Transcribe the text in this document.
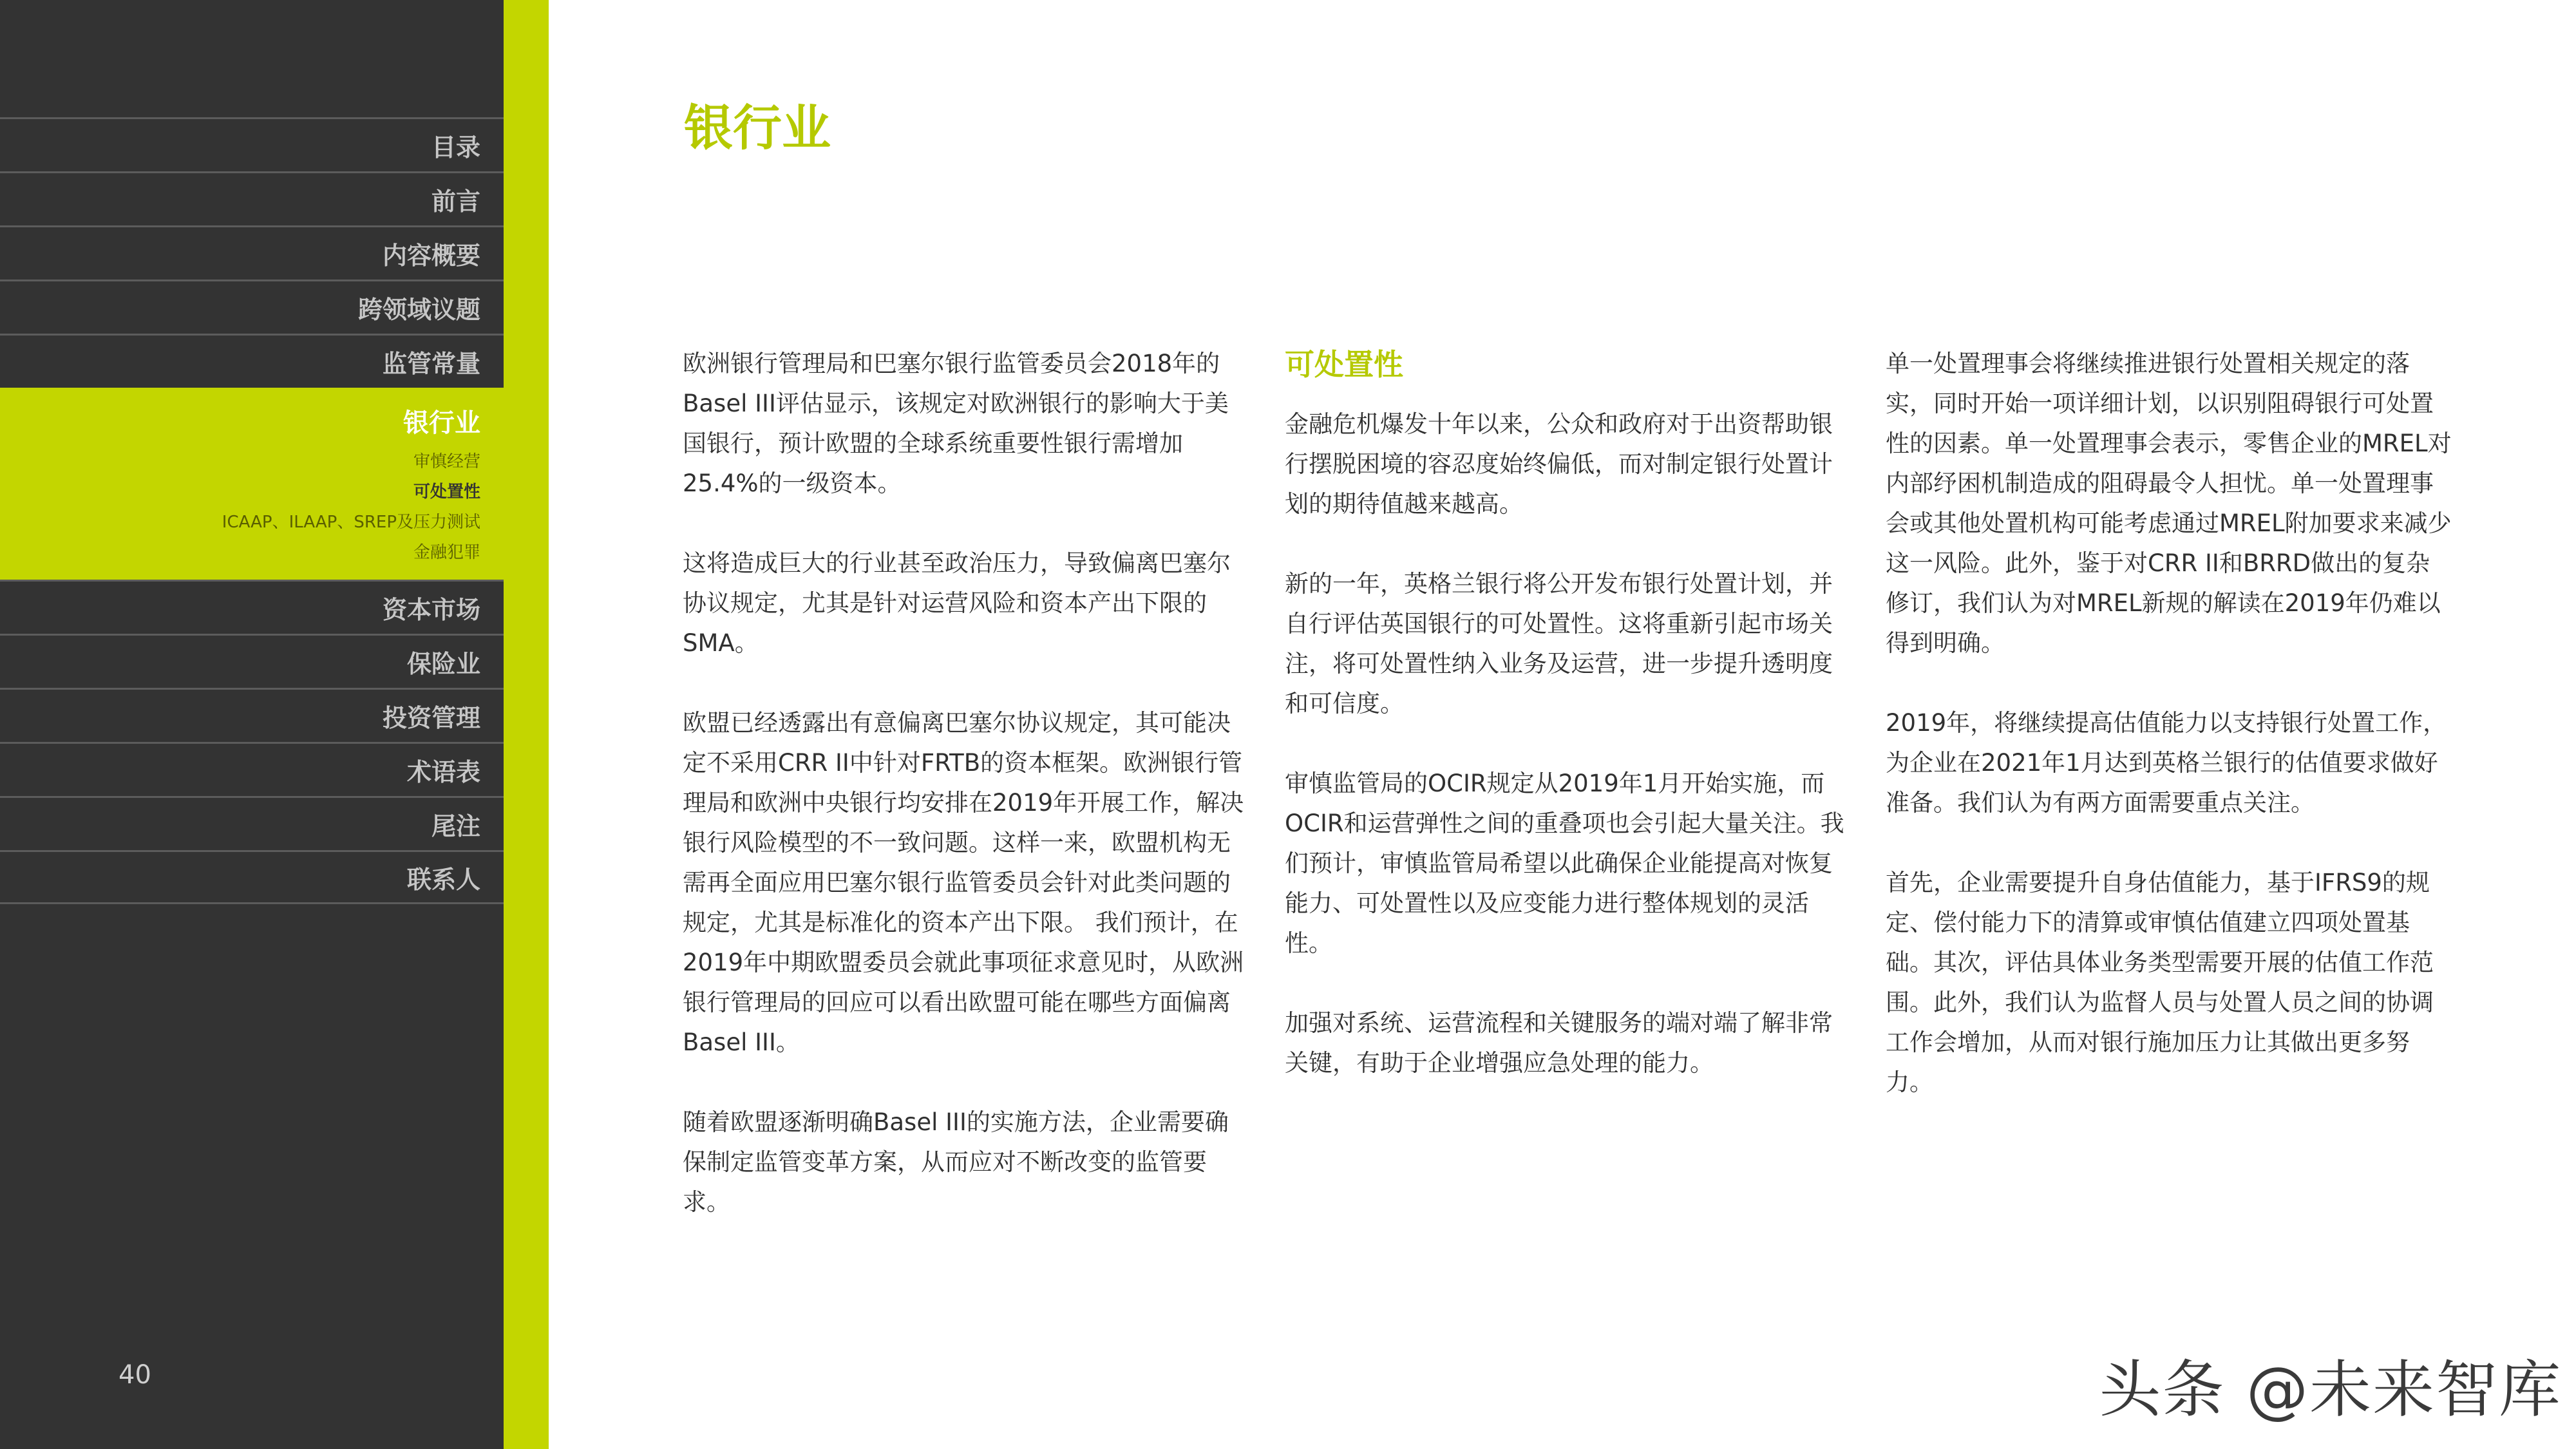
目录
前言
内容概要
跨领域议题
监管常量
银行业
审慎经营
可处置性
ICAAP、ILAAP、SREP及压力测试
金融犯罪
资本市场
保险业
投资管理
术语表
尾注
联系人
40
银行业

欧洲银行管理局和巴塞尔银行监管委员会2018年的Basel III评估显示，该规定对欧洲银行的影响大于美国银行，预计欧盟的全球系统重要性银行需增加25.4%的一级资本。

这将造成巨大的行业甚至政治压力，导致偏离巴塞尔协议规定，尤其是针对运营风险和资本产出下限的SMA。

欧盟已经透露出有意偏离巴塞尔协议规定，其可能决定不采用CRR II中针对FRTB的资本框架。欧洲银行管理局和欧洲中央银行均安排在2019年开展工作，解决银行风险模型的不一致问题。这样一来，欧盟机构无需再全面应用巴塞尔银行监管委员会针对此类问题的规定，尤其是标准化的资本产出下限。 我们预计，在2019年中期欧盟委员会就此事项征求意见时，从欧洲银行管理局的回应可以看出欧盟可能在哪些方面偏离Basel III。

随着欧盟逐渐明确Basel III的实施方法，企业需要确保制定监管变革方案，从而应对不断改变的监管要求。

可处置性

金融危机爆发十年以来，公众和政府对于出资帮助银行摆脱困境的容忍度始终偏低，而对制定银行处置计划的期待值越来越高。

新的一年，英格兰银行将公开发布银行处置计划，并自行评估英国银行的可处置性。这将重新引起市场关注，将可处置性纳入业务及运营，进一步提升透明度和可信度。

审慎监管局的OCIR规定从2019年1月开始实施，而OCIR和运营弹性之间的重叠项也会引起大量关注。我们预计，审慎监管局希望以此确保企业能提高对恢复能力、可处置性以及应变能力进行整体规划的灵活性。

加强对系统、运营流程和关键服务的端对端了解非常关键，有助于企业增强应急处理的能力。

单一处置理事会将继续推进银行处置相关规定的落实，同时开始一项详细计划，以识别阻碍银行可处置性的因素。单一处置理事会表示，零售企业的MREL对内部纾困机制造成的阻碍最令人担忧。单一处置理事会或其他处置机构可能考虑通过MREL附加要求来减少这一风险。此外，鉴于对CRR II和BRRD做出的复杂修订，我们认为对MREL新规的解读在2019年仍难以得到明确。

2019年，将继续提高估值能力以支持银行处置工作，为企业在2021年1月达到英格兰银行的估值要求做好准备。我们认为有两方面需要重点关注。

首先，企业需要提升自身估值能力，基于IFRS9的规定、偿付能力下的清算或审慎估值建立四项处置基础。其次，评估具体业务类型需要开展的估值工作范围。此外，我们认为监督人员与处置人员之间的协调工作会增加，从而对银行施加压力让其做出更多努力。

头条 @未来智库
